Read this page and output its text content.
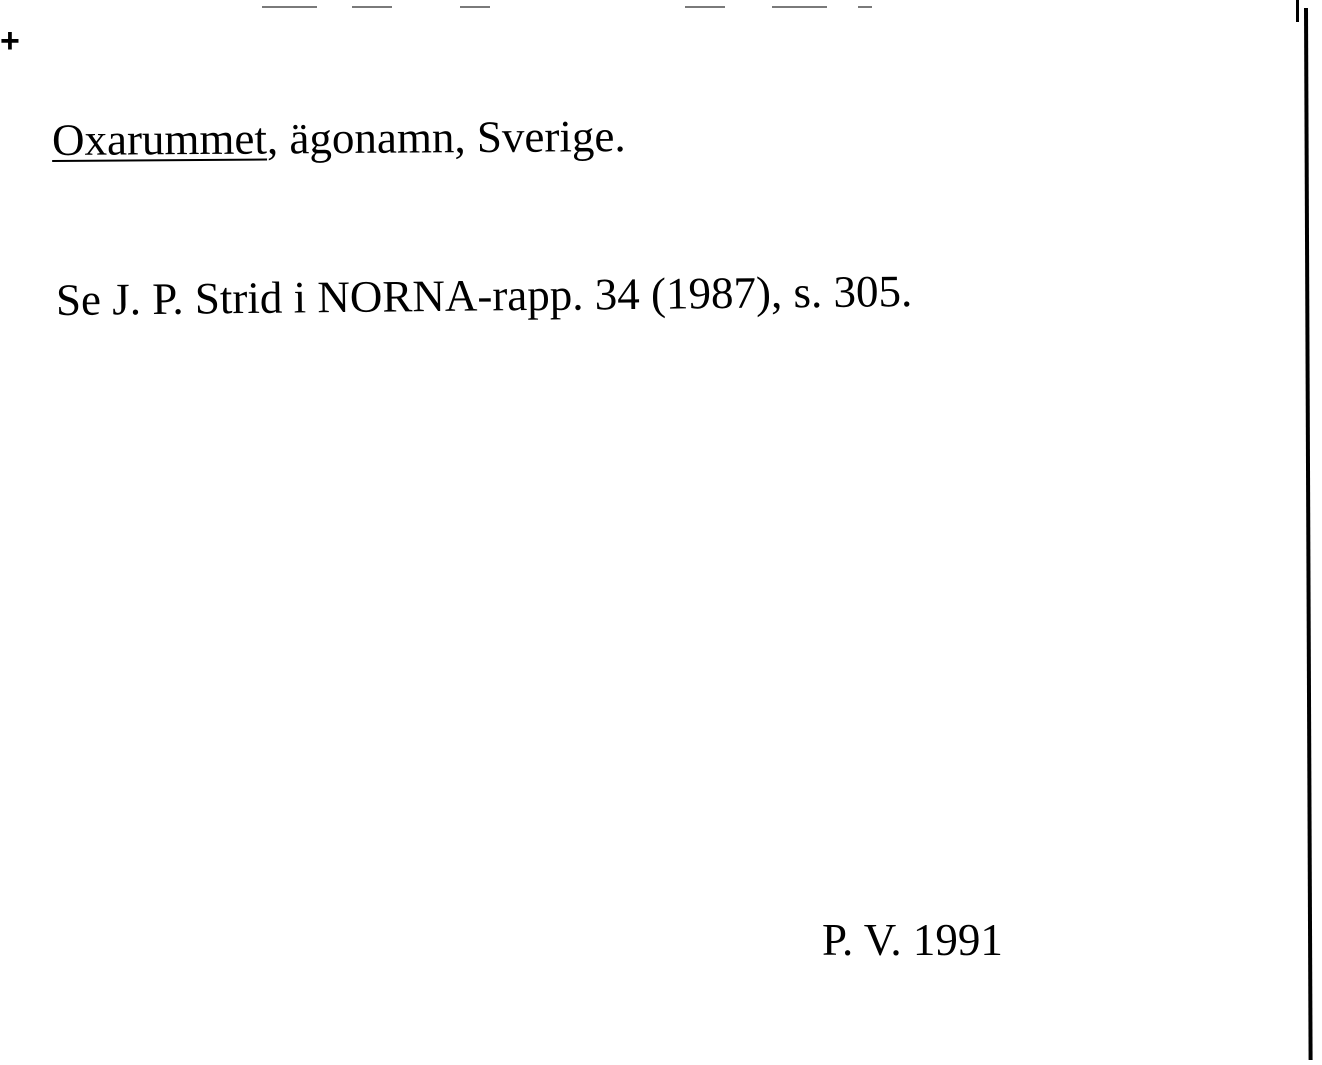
+
Oxarummet, ägonamn, Sverige.
Se J. P. Strid i NORNA-rapp. 34 (1987), s. 305.
P. V. 1991
